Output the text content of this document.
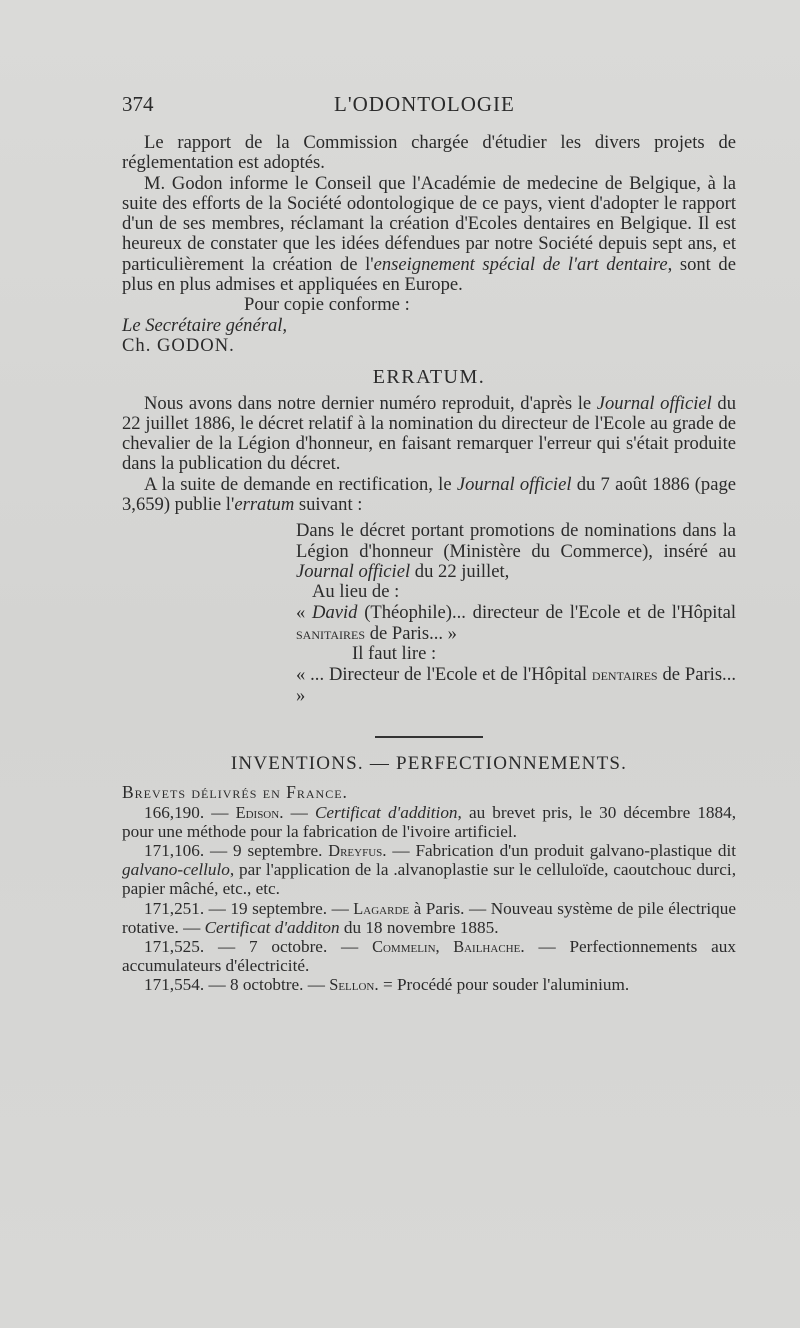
374	L'ODONTOLOGIE

Le rapport de la Commission chargée d'étudier les divers projets de réglementation est adoptés.

M. Godon informe le Conseil que l'Académie de medecine de Belgique, à la suite des efforts de la Société odontologique de ce pays, vient d'adopter le rapport d'un de ses membres, réclamant la création d'Ecoles dentaires en Belgique. Il est heureux de constater que les idées défendues par notre Société depuis sept ans, et particulièrement la création de l'enseignement spécial de l'art dentaire, sont de plus en plus admises et appliquées en Europe.

Pour copie conforme :

Le Secrétaire général,

Ch. GODON.

ERRATUM.

Nous avons dans notre dernier numéro reproduit, d'après le Journal officiel du 22 juillet 1886, le décret relatif à la nomination du directeur de l'Ecole au grade de chevalier de la Légion d'honneur, en faisant remarquer l'erreur qui s'était produite dans la publication du décret.

A la suite de demande en rectification, le Journal officiel du 7 août 1886 (page 3,659) publie l'erratum suivant :

Dans le décret portant promotions de nominations dans la Légion d'honneur (Ministère du Commerce), inséré au Journal officiel du 22 juillet,

Au lieu de :

« David (Théophile)... directeur de l'Ecole et de l'Hôpital sanitaires de Paris... »

Il faut lire :

« ... Directeur de l'Ecole et de l'Hôpital dentaires de Paris... »

INVENTIONS. — PERFECTIONNEMENTS.

Brevets délivrés en France.

166,190. — Edison. — Certificat d'addition, au brevet pris, le 30 décembre 1884, pour une méthode pour la fabrication de l'ivoire artificiel.

171,106. — 9 septembre. Dreyfus. — Fabrication d'un produit galvano-plastique dit galvano-cellulo, par l'application de la .alvanoplastie sur le celluloïde, caoutchouc durci, papier mâché, etc., etc.

171,251. — 19 septembre. — Lagarde à Paris. — Nouveau système de pile électrique rotative. — Certificat d'additon du 18 novembre 1885.

171,525. — 7 octobre. — Commelin, Bailhache. — Perfectionnements aux accumulateurs d'électricité.

171,554. — 8 octobtre. — Sellon. = Procédé pour souder l'aluminium.
